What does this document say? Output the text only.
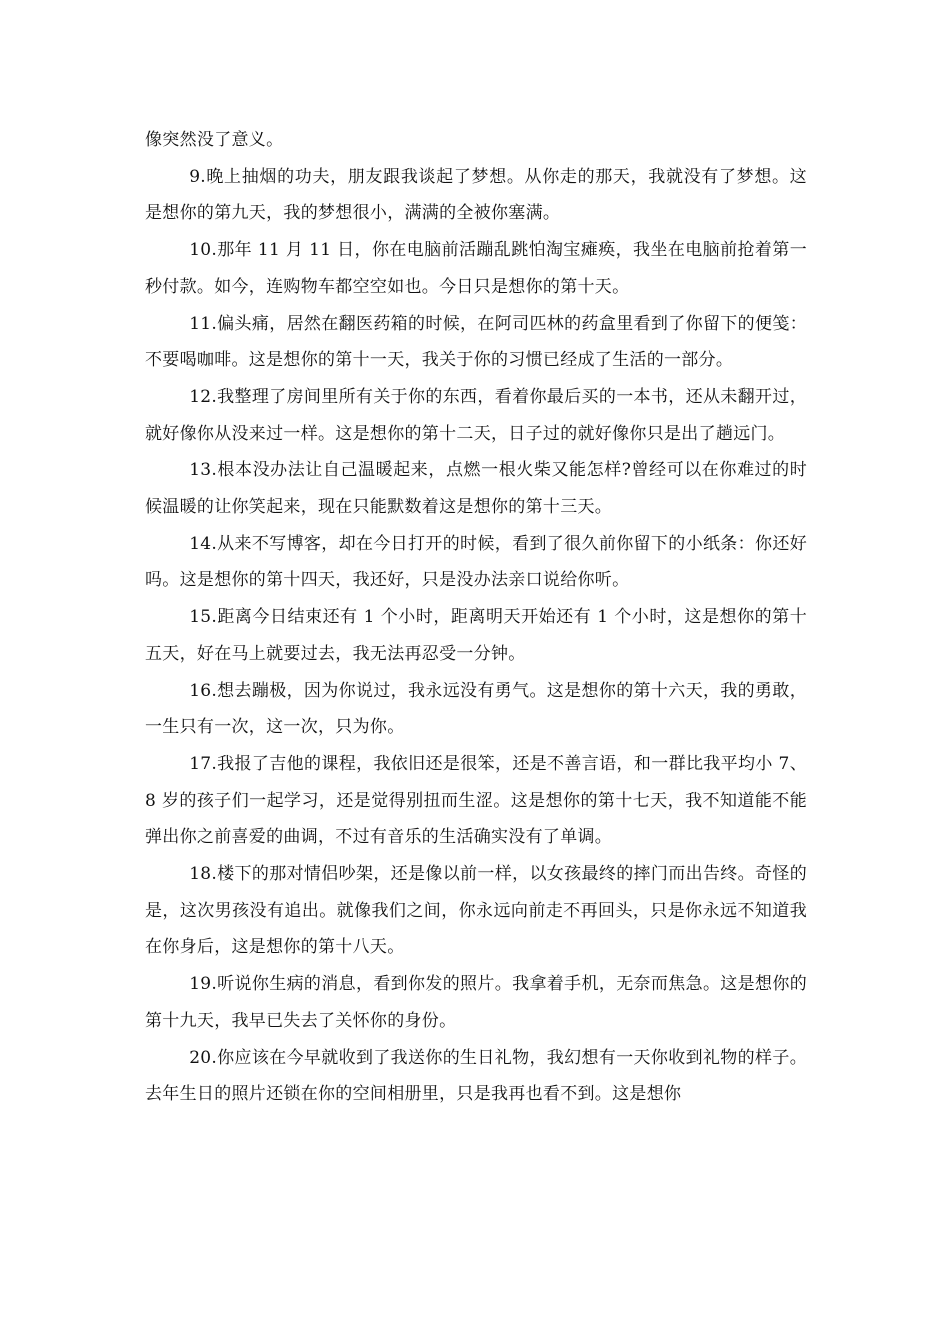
像突然没了意义。

9.晚上抽烟的功夫，朋友跟我谈起了梦想。从你走的那天，我就没有了梦想。这是想你的第九天，我的梦想很小，满满的全被你塞满。

10.那年 11 月 11 日，你在电脑前活蹦乱跳怕淘宝瘫痪，我坐在电脑前抢着第一秒付款。如今，连购物车都空空如也。今日只是想你的第十天。

11.偏头痛，居然在翻医药箱的时候，在阿司匹林的药盒里看到了你留下的便笺：不要喝咖啡。这是想你的第十一天，我关于你的习惯已经成了生活的一部分。

12.我整理了房间里所有关于你的东西，看着你最后买的一本书，还从未翻开过，就好像你从没来过一样。这是想你的第十二天，日子过的就好像你只是出了趟远门。

13.根本没办法让自己温暖起来，点燃一根火柴又能怎样?曾经可以在你难过的时候温暖的让你笑起来，现在只能默数着这是想你的第十三天。

14.从来不写博客，却在今日打开的时候，看到了很久前你留下的小纸条：你还好吗。这是想你的第十四天，我还好，只是没办法亲口说给你听。

15.距离今日结束还有 1 个小时，距离明天开始还有 1 个小时，这是想你的第十五天，好在马上就要过去，我无法再忍受一分钟。

16.想去蹦极，因为你说过，我永远没有勇气。这是想你的第十六天，我的勇敢，一生只有一次，这一次，只为你。

17.我报了吉他的课程，我依旧还是很笨，还是不善言语，和一群比我平均小 7、8 岁的孩子们一起学习，还是觉得别扭而生涩。这是想你的第十七天，我不知道能不能弹出你之前喜爱的曲调，不过有音乐的生活确实没有了单调。

18.楼下的那对情侣吵架，还是像以前一样，以女孩最终的摔门而出告终。奇怪的是，这次男孩没有追出。就像我们之间，你永远向前走不再回头，只是你永远不知道我在你身后，这是想你的第十八天。

19.听说你生病的消息，看到你发的照片。我拿着手机，无奈而焦急。这是想你的第十九天，我早已失去了关怀你的身份。

20.你应该在今早就收到了我送你的生日礼物，我幻想有一天你收到礼物的样子。去年生日的照片还锁在你的空间相册里，只是我再也看不到。这是想你
